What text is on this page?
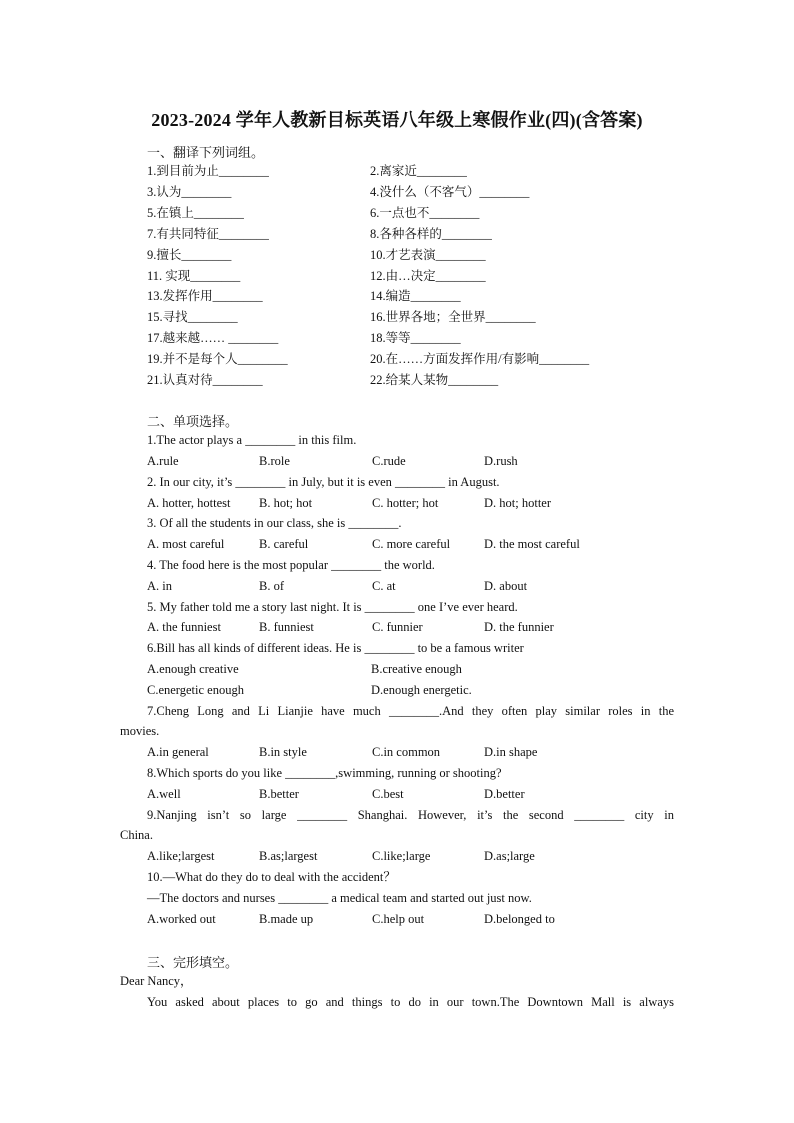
2023-2024 学年人教新目标英语八年级上寒假作业(四)(含答案)
一、翻译下列词组。
1.到目前为止________	2.离家近________
3.认为________	4.没什么（不客气）________
5.在镇上________	6.一点也不________
7.有共同特征________	8.各种各样的________
9.擅长________	10.才艺表演________
11. 实现________	12.由…决定________
13.发挥作用________	14.编造________
15.寻找________	16.世界各地；全世界________
17.越来越…… ________	18.等等________
19.并不是每个人________	20.在……方面发挥作用/有影响________
21.认真对待________	22.给某人某物________
二、单项选择。
1.The actor plays a ________ in this film.
A.rule	B.role	C.rude	D.rush
2. In our city, it’s ________ in July, but it is even ________ in August.
A. hotter, hottest B. hot; hot	C. hotter; hot	D. hot; hotter
3. Of all the students in our class, she is ________.
A. most careful	B. careful	C. more careful	D. the most careful
4. The food here is the most popular ________ the world.
A. in	B. of	C. at	D. about
5. My father told me a story last night. It is ________ one I’ve ever heard.
A. the funniest	B. funniest	C. funnier	D. the funnier
6.Bill has all kinds of different ideas. He is ________ to be a famous writer
A.enough creative	B.creative enough
C.energetic enough	D.enough energetic.
7.Cheng Long and Li Lianjie have much ________.And they often play similar roles in the
movies.
A.in general	B.in style	C.in common	D.in shape
8.Which sports do you like ________,swimming, running or shooting?
A.well	B.better	C.best	D.better
9.Nanjing isn’t so large ________ Shanghai. However, it’s the second ________ city in
China.
A.like;largest	B.as;largest	C.like;large	D.as;large
10.—What do they do to deal with the accident？
—The doctors and nurses ________ a medical team and started out just now.
A.worked out	B.made up	C.help out	D.belonged to
三、完形填空。
Dear Nancy，
You asked about places to go and things to do in our town.The Downtown Mall is always
